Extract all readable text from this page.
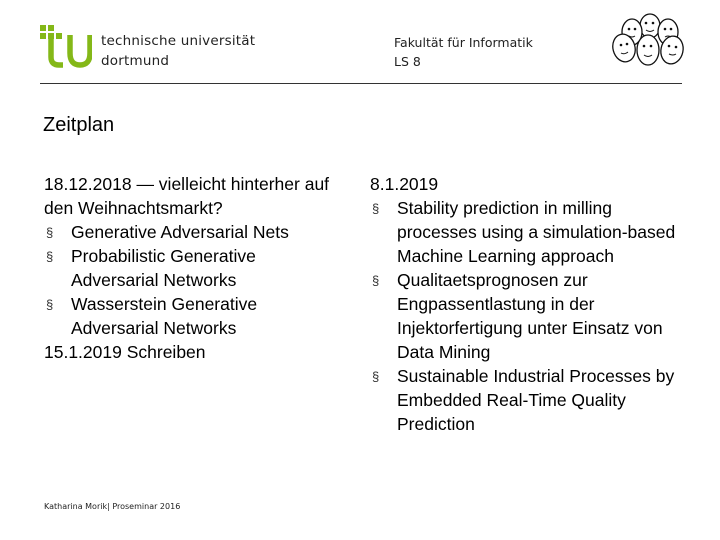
technische universität
dortmund
Fakultät für Informatik
LS 8
Zeitplan

18.12.2018 — vielleicht hinterher auf den Weihnachtsmarkt?

§ Generative Adversarial Nets
§ Probabilistic Generative Adversarial Networks
§ Wasserstein Generative Adversarial Networks

15.1.2019 Schreiben

8.1.2019

§ Stability prediction in milling processes using a simulation-based Machine Learning approach
§ Qualitaetsprognosen zur Engpassentlastung in der Injektorfertigung unter Einsatz von Data Mining
§ Sustainable Industrial Processes by Embedded Real-Time Quality Prediction
Katharina Morik| Proseminar 2016
